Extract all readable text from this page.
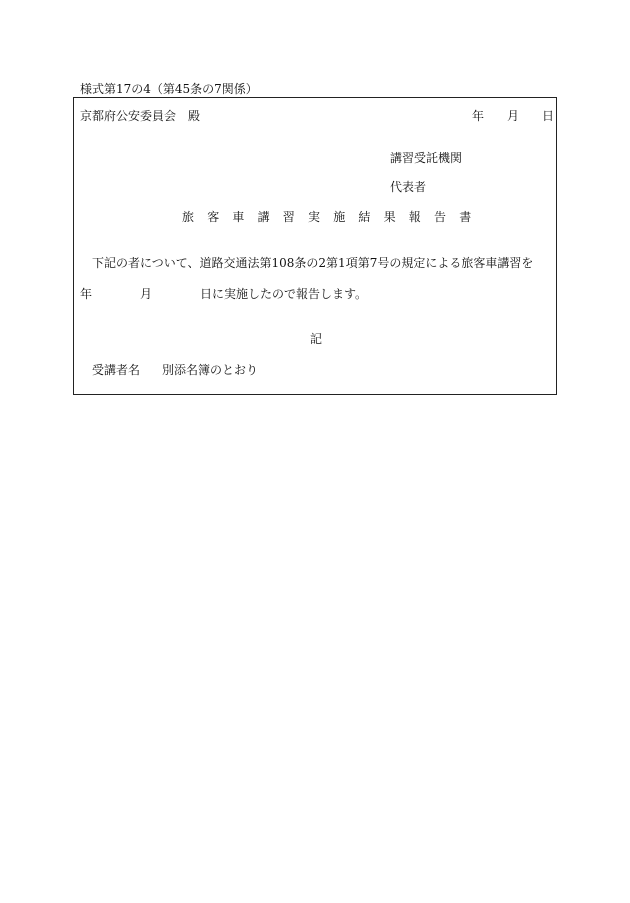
様式第17の4（第45条の7関係）
京都府公安委員会　殿	年 月 日
講習受託機関
代表者
旅客車講習実施結果報告書
下記の者について、道路交通法第108条の2第1項第7号の規定による旅客車講習を
年	月	日に実施したので報告します。
記
受講者名 別添名簿のとおり
